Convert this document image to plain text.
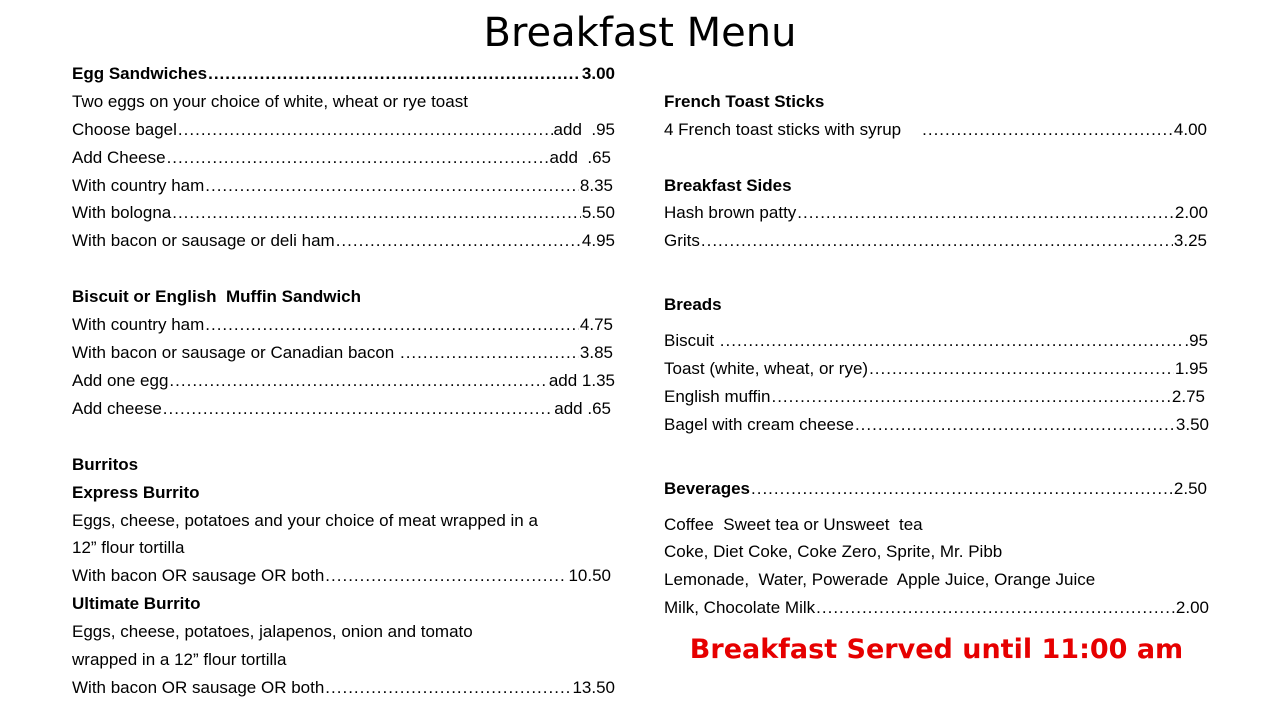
Breakfast Menu
Egg Sandwiches .....	3.00
Two eggs on your choice of white, wheat or rye toast
Choose bagel .....	add  .95
Add Cheese .....	add  .65
With country ham .....	8.35
With bologna .....	5.50
With bacon or sausage or deli ham .....	4.95
Biscuit or English  Muffin Sandwich
With country ham .....	4.75
With bacon or sausage or Canadian bacon .....	3.85
Add one egg .....	add 1.35
Add cheese .....	add .65
Burritos
Express Burrito
Eggs, cheese, potatoes and your choice of meat wrapped in a
12” flour tortilla
With bacon OR sausage OR both .....	10.50
Ultimate Burrito
Eggs, cheese, potatoes, jalapenos, onion and tomato
wrapped in a 12” flour tortilla
With bacon OR sausage OR both .....	13.50
French Toast Sticks
4 French toast sticks with syrup .....	4.00
Breakfast Sides
Hash brown patty .....	2.00
Grits .....	3.25
Breads
Biscuit .....	.95
Toast (white, wheat, or rye) .....	1.95
English muffin .....	2.75
Bagel with cream cheese .....	3.50
Beverages .....	2.50
Coffee  Sweet tea or Unsweet  tea
Coke, Diet Coke, Coke Zero, Sprite, Mr. Pibb
Lemonade,  Water, Powerade  Apple Juice, Orange Juice
Milk, Chocolate Milk .....	2.00
Breakfast Served until 11:00 am
